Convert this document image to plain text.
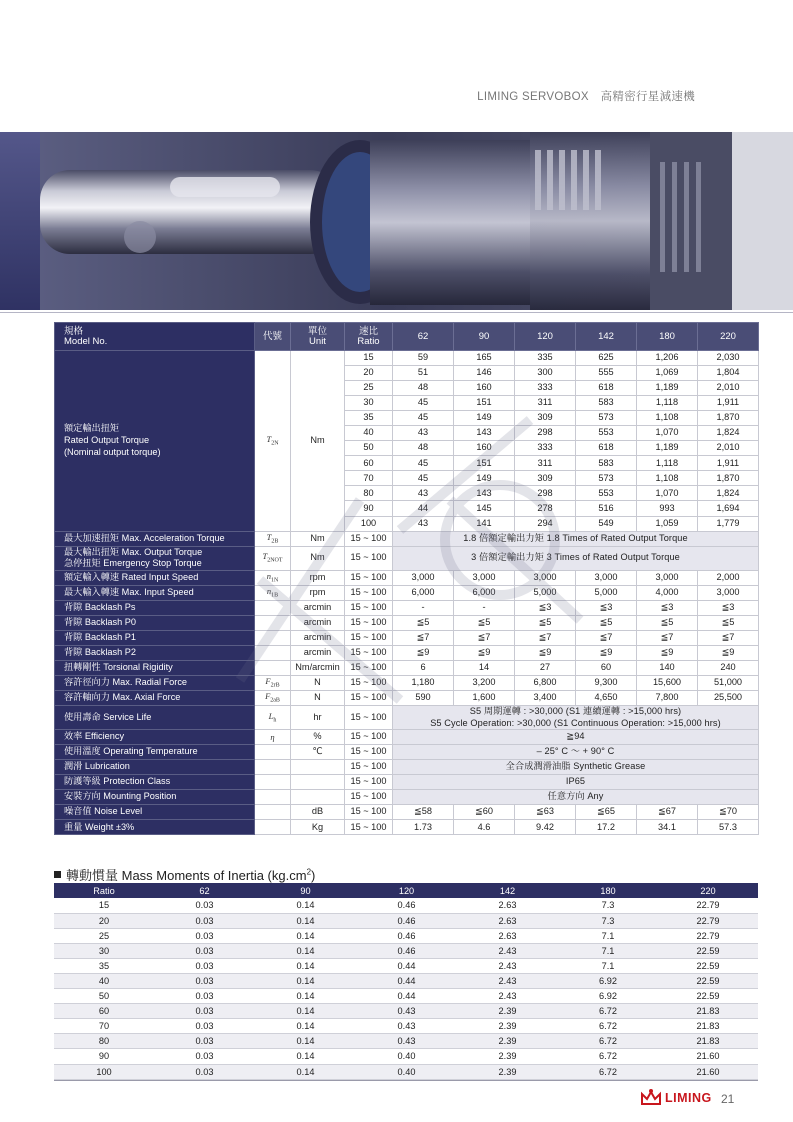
LIMING SERVOBOX　高精密行星減速機
規格
Model No.	代號	單位
Unit	速比
Ratio	62	90	120	142	180	220
額定輸出扭矩
Rated Output Torque
(Nominal output torque)	$T_{2N}$	Nm	15	59	165	335	625	1,206	2,030
			20	51	146	300	555	1,069	1,804
			25	48	160	333	618	1,189	2,010
			30	45	151	311	583	1,118	1,911
			35	45	149	309	573	1,108	1,870
			40	43	143	298	553	1,070	1,824
			50	48	160	333	618	1,189	2,010
			60	45	151	311	583	1,118	1,911
			70	45	149	309	573	1,108	1,870
			80	43	143	298	553	1,070	1,824
			90	44	145	278	516	993	1,694
			100	43	141	294	549	1,059	1,779
最大加速扭矩 Max. Acceleration Torque	$T_{2B}$	Nm	15 ~ 100	1.8 倍額定輸出力矩 1.8 Times of Rated Output Torque					
最大輸出扭矩 Max. Output Torque
急停扭矩 Emergency Stop Torque	$T_{2NOT}$	Nm	15 ~ 100	3 倍額定輸出力矩 3 Times of Rated Output Torque					
額定輸入轉速 Rated Input Speed	$n_{1N}$	rpm	15 ~ 100	3,000	3,000	3,000	3,000	3,000	2,000
最大輸入轉速 Max. Input Speed	$n_{1B}$	rpm	15 ~ 100	6,000	6,000	5,000	5,000	4,000	3,000
背隙 Backlash Ps		arcmin	15 ~ 100	-	-	≦3	≦3	≦3	≦3
背隙 Backlash P0		arcmin	15 ~ 100	≦5	≦5	≦5	≦5	≦5	≦5
背隙 Backlash P1		arcmin	15 ~ 100	≦7	≦7	≦7	≦7	≦7	≦7
背隙 Backlash P2		arcmin	15 ~ 100	≦9	≦9	≦9	≦9	≦9	≦9
扭轉剛性 Torsional Rigidity		Nm/arcmin	15 ~ 100	6	14	27	60	140	240
容許徑向力 Max. Radial Force	$F_{2rB}$	N	15 ~ 100	1,180	3,200	6,800	9,300	15,600	51,000
容許軸向力 Max. Axial Force	$F_{2aB}$	N	15 ~ 100	590	1,600	3,400	4,650	7,800	25,500
使用壽命 Service Life	$L_h$	hr	15 ~ 100	S5 周期運轉 : >30,000 (S1 連續運轉 : >15,000 hrs)
S5 Cycle Operation: >30,000 (S1 Continuous Operation: >15,000 hrs)					
效率 Efficiency	η	%	15 ~ 100	≧94					
使用溫度 Operating Temperature		℃	15 ~ 100	– 25° C ～ + 90° C					
潤滑 Lubrication			15 ~ 100	全合成潤滑油脂 Synthetic Grease					
防護等級 Protection Class			15 ~ 100	IP65					
安裝方向 Mounting Position			15 ~ 100	任意方向 Any					
噪音值 Noise Level		dB	15 ~ 100	≦58	≦60	≦63	≦65	≦67	≦70
重量 Weight ±3%		Kg	15 ~ 100	1.73	4.6	9.42	17.2	34.1	57.3
轉動慣量 Mass Moments of Inertia $(kg.cm^2)$
Ratio	62	90	120	142	180	220
15	0.03	0.14	0.46	2.63	7.3	22.79
20	0.03	0.14	0.46	2.63	7.3	22.79
25	0.03	0.14	0.46	2.63	7.1	22.79
30	0.03	0.14	0.46	2.43	7.1	22.59
35	0.03	0.14	0.44	2.43	7.1	22.59
40	0.03	0.14	0.44	2.43	6.92	22.59
50	0.03	0.14	0.44	2.43	6.92	22.59
60	0.03	0.14	0.43	2.39	6.72	21.83
70	0.03	0.14	0.43	2.39	6.72	21.83
80	0.03	0.14	0.43	2.39	6.72	21.83
90	0.03	0.14	0.40	2.39	6.72	21.60
100	0.03	0.14	0.40	2.39	6.72	21.60
LIMING 21
